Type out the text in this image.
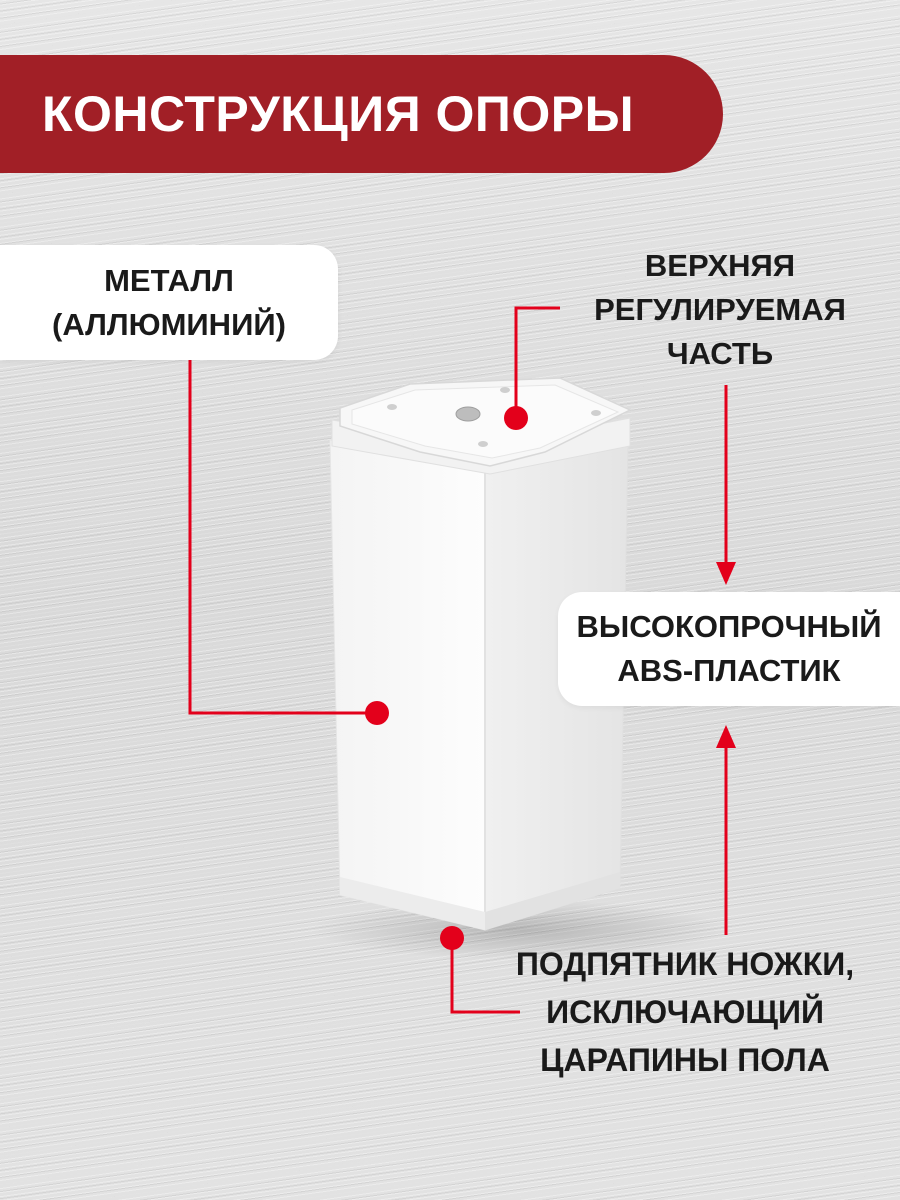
КОНСТРУКЦИЯ ОПОРЫ
МЕТАЛЛ
(АЛЛЮМИНИЙ)
ВЕРХНЯЯ
РЕГУЛИРУЕМАЯ
ЧАСТЬ
ВЫСОКОПРОЧНЫЙ
ABS-ПЛАСТИК
ПОДПЯТНИК НОЖКИ,
ИСКЛЮЧАЮЩИЙ
ЦАРАПИНЫ ПОЛА
